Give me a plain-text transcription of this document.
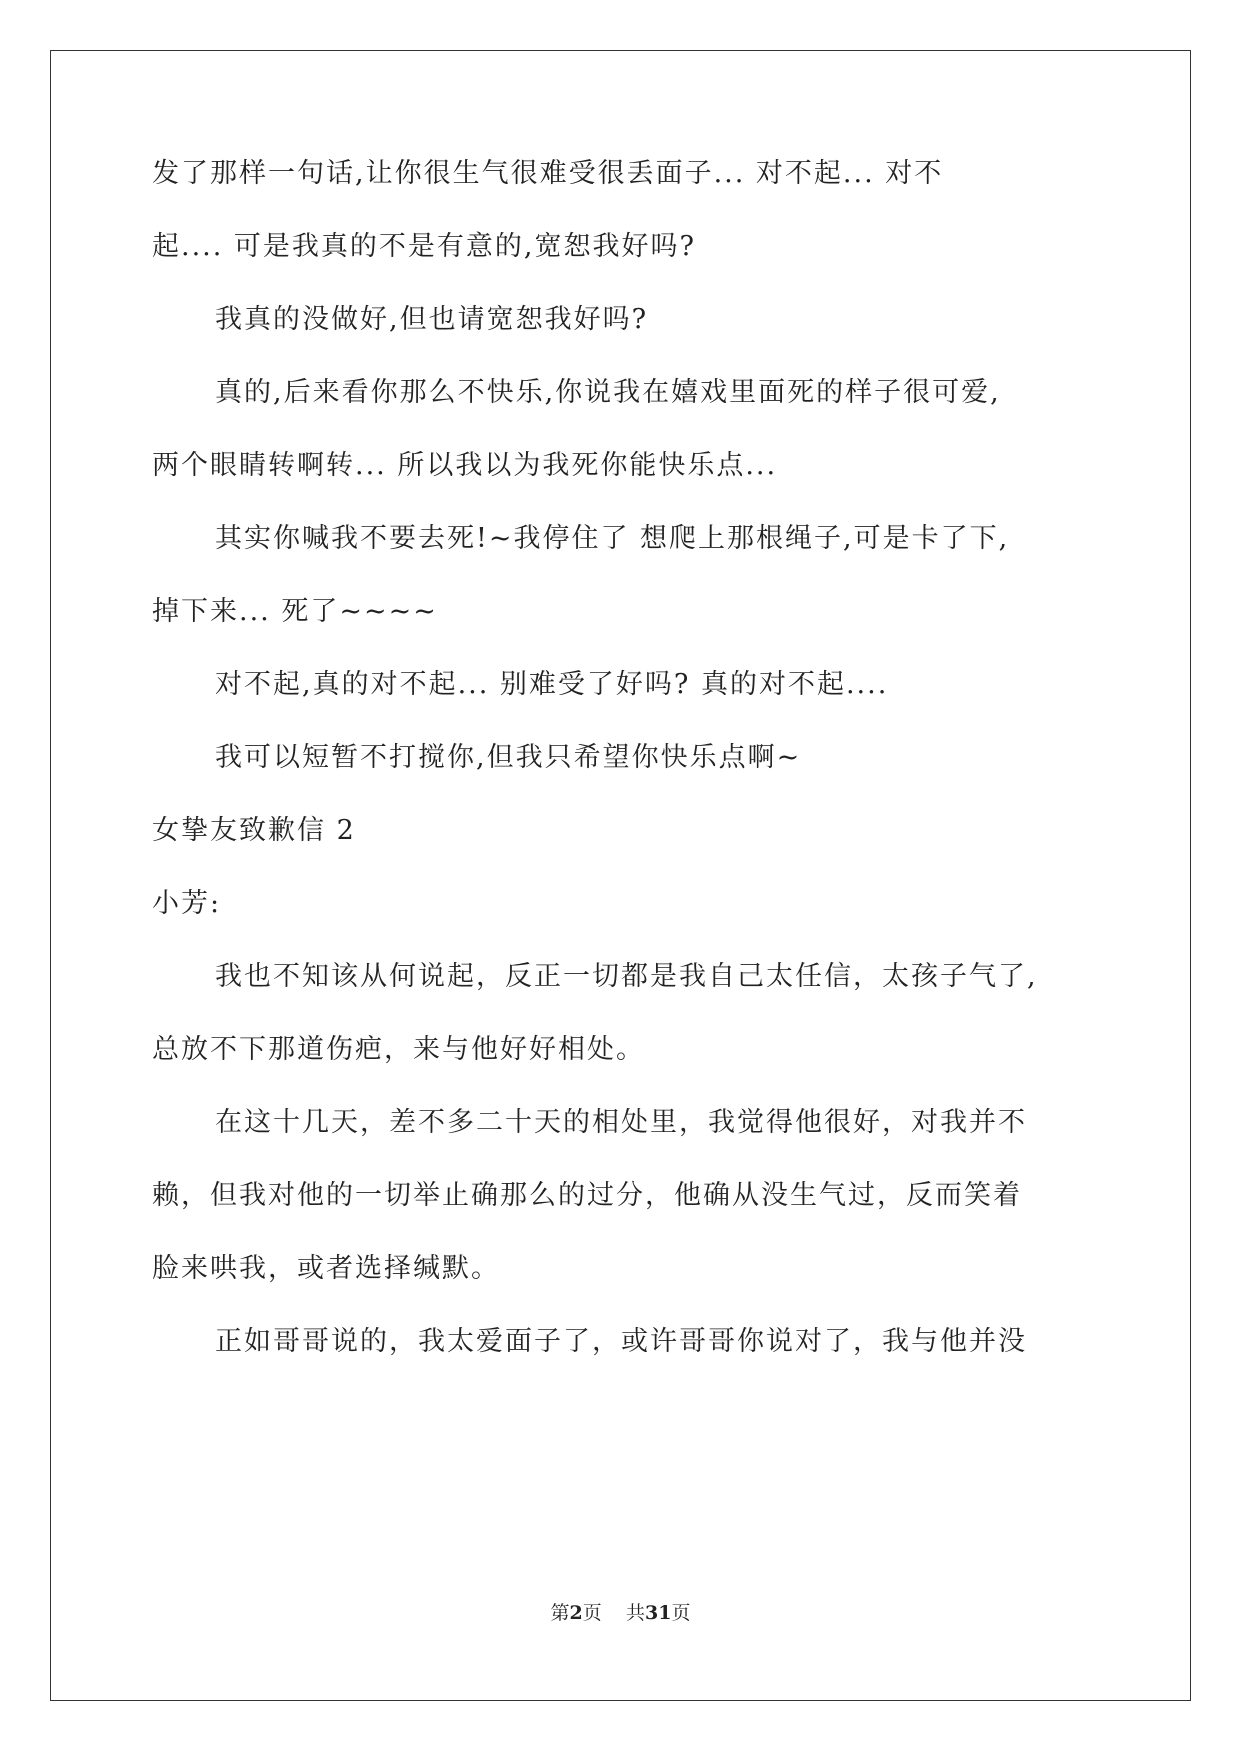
发了那样一句话,让你很生气很难受很丢面子... 对不起... 对不
起.... 可是我真的不是有意的,宽恕我好吗?
我真的没做好,但也请宽恕我好吗?
真的,后来看你那么不快乐,你说我在嬉戏里面死的样子很可爱,
两个眼睛转啊转... 所以我以为我死你能快乐点...
其实你喊我不要去死!~我停住了 想爬上那根绳子,可是卡了下,
掉下来... 死了~~~~
对不起,真的对不起... 别难受了好吗? 真的对不起....
我可以短暂不打搅你,但我只希望你快乐点啊~
女挚友致歉信 2
小芳:
我也不知该从何说起，反正一切都是我自己太任信，太孩子气了,
总放不下那道伤疤，来与他好好相处。
在这十几天，差不多二十天的相处里，我觉得他很好，对我并不
赖，但我对他的一切举止确那么的过分，他确从没生气过，反而笑着
脸来哄我，或者选择缄默。
正如哥哥说的，我太爱面子了，或许哥哥你说对了，我与他并没
第2页 共31页
